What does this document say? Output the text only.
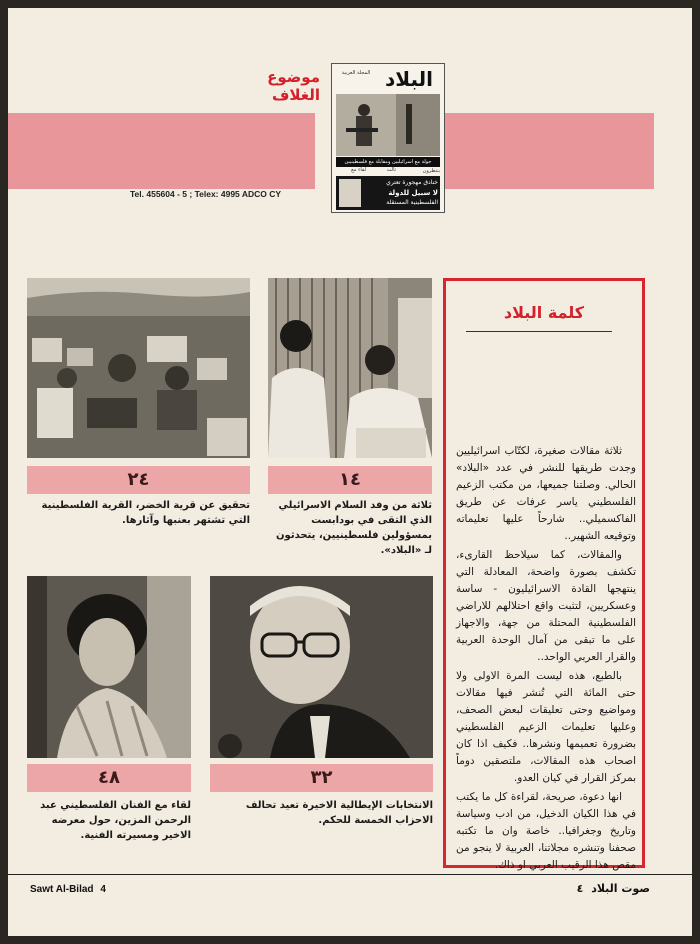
موضوع الغلاف
Tel. 455604 - 5 ; Telex: 4995 ADCO CY
البلاد
المجلة العربية
جولة مع اسرائيليين ومقابلة مع فلسطينيين
ينتظرون
خنادق مهجورة تعتري
لا سبيل للدولة
الفلسطينية المستقلة
لقاء مع	ثالث
٢٤	١٤
تحقيق عن قرية الخضر، القرية الفلسطينية التي تشتهر بعنبها وآثارها.
ثلاثة من وفد السلام الاسرائيلي الذي التقى في بودابست بمسؤولين فلسطينيين، يتحدثون لـ «البلاد».
كلمة البلاد

ثلاثة مقالات صغيرة، لكتّاب اسرائيليين وجدت طريقها للنشر في عدد «البلاد» الحالي. وصلتنا جميعها، من مكتب الزعيم الفلسطيني ياسر عرفات عن طريق الفاكسميلي.. شارحاً عليها تعليماته وتوقيعه الشهير..

والمقالات، كما سيلاحظ القارىء، تكشف بصورة واضحة، المعادلة التي ينتهجها القادة الاسرائيليون - ساسة وعسكريين، لتثبت واقع احتلالهم للاراضي الفلسطينية المحتلة من جهة، والاجهاز على ما تبقى من آمال الوحدة العربية والقرار العربي الواحد..

بالطبع، هذه ليست المرة الاولى ولا حتى المائة التي تُنشر فيها مقالات ومواضيع وحتى تعليقات لبعض الصحف، وعليها تعليمات الزعيم الفلسطيني بضرورة تعميمها ونشرها.. فكيف اذا كان اصحاب هذه المقالات، ملتصقين دوماً بمركز القرار في كيان العدو.

انها دعوة، صريحة، لقراءة كل ما يكتب في هذا الكيان الدخيل، من ادب وسياسة وتاريخ وجغرافيا.. خاصة وان ما تكتبه صحفنا وتنشره مجلاتنا، العربية لا ينجو من مقص هذا الرقيب العربي او ذاك.

٤٨	٣٢
لقاء مع الفنان الفلسطيني عبد الرحمن المزين، حول معرضه الاخير ومسيرته الفنية.
الانتخابات الإيطالية الاخيرة تعيد تحالف الاحزاب الخمسة للحكم.
Sawt Al-Bilad 4	صوت البلاد ٤
